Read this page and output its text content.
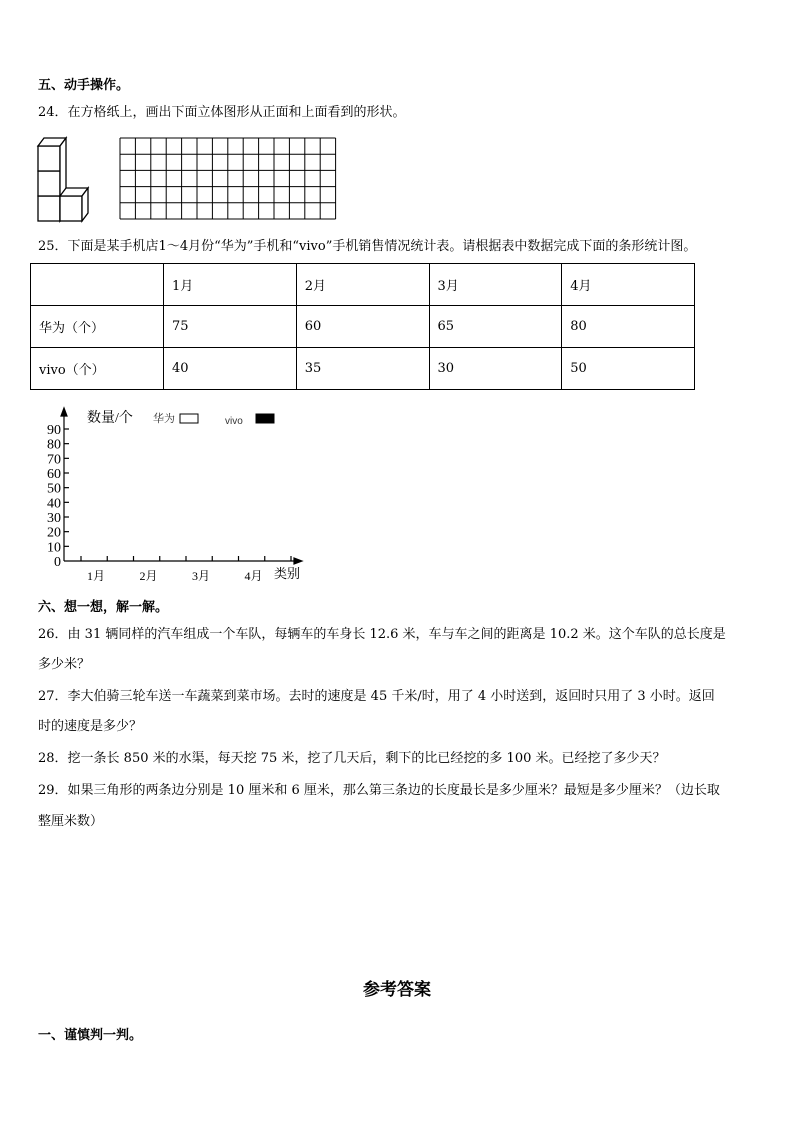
五、动手操作。
24．在方格纸上，画出下面立体图形从正面和上面看到的形状。
25．下面是某手机店1～4月份“华为”手机和“vivo”手机销售情况统计表。请根据表中数据完成下面的条形统计图。
	1月	2月	3月	4月
华为（个）	75	60	65	80
vivo（个）	40	35	30	50
0
10
20
30
40
50
60
70
80
90
1月	2月	3月	4月
数量/个
类别
华为	vivo
六、想一想，解一解。
26．由 31 辆同样的汽车组成一个车队，每辆车的车身长 12.6 米，车与车之间的距离是 10.2 米。这个车队的总长度是
多少米？
27．李大伯骑三轮车送一车蔬菜到菜市场。去时的速度是 45 千米/时，用了 4 小时送到，返回时只用了 3 小时。返回
时的速度是多少？
28．挖一条长 850 米的水渠，每天挖 75 米，挖了几天后，剩下的比已经挖的多 100 米。已经挖了多少天？
29．如果三角形的两条边分别是 10 厘米和 6 厘米，那么第三条边的长度最长是多少厘米？最短是多少厘米？（边长取
整厘米数）
参考答案
一、谨慎判一判。
